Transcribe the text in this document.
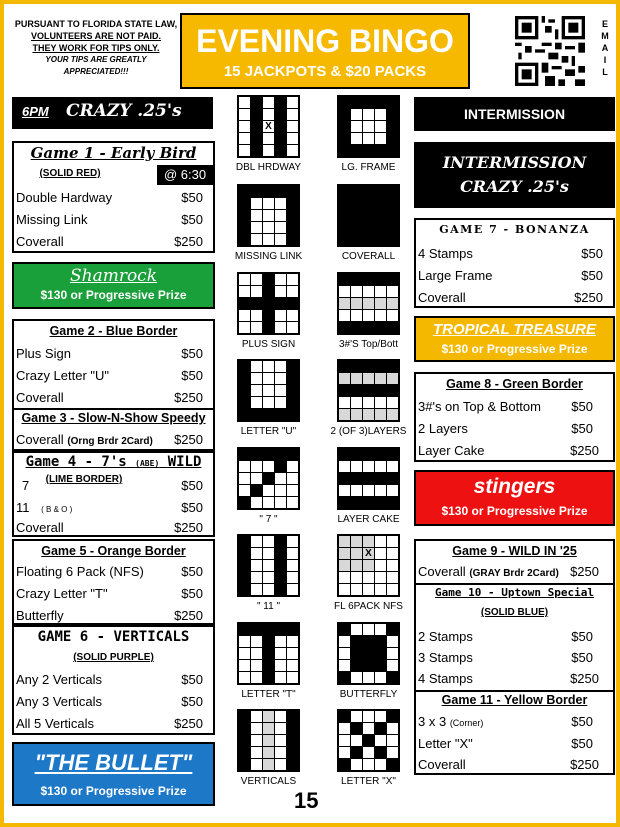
PURSUANT TO FLORIDA STATE LAW,
VOLUNTEERS ARE NOT PAID.
THEY WORK FOR TIPS ONLY.
YOUR TIPS ARE GREATLY
APPRECIATED!!!
EVENING BINGO
15 JACKPOTS & $20 PACKS
E
M
A
I
L
6PM CRAZY .25's
Game 1 - Early Bird
(SOLID RED)	@ 6:30
Double Hardway	$50
Missing Link	$50
Coverall	$250
Shamrock
$130 or Progressive Prize
Game 2 - Blue Border
Plus Sign	$50
Crazy Letter "U"	$50
Coverall	$250
Game 3 - Slow-N-Show Speedy
Coverall (Orng Brdr 2Card) $250
Game 4 - 7's (ABE) WILD
(LIME BORDER)
7	$50
11 ( B & O )	$50
Coverall	$250
Game 5 - Orange Border
Floating 6 Pack (NFS)	$50
Crazy Letter "T"	$50
Butterfly	$250
GAME 6 - VERTICALS
(SOLID PURPLE)
Any 2 Verticals	$50
Any 3 Verticals	$50
All 5 Verticals	$250
"THE BULLET"
$130 or Progressive Prize
X
DBL HRDWAY	LG. FRAME
MISSING LINK	COVERALL
PLUS SIGN	3#'S Top/Bott
LETTER "U"	2 (OF 3)LAYERS
" 7 "	LAYER CAKE
" 11 "
X
FL 6PACK NFS
LETTER "T"	BUTTERFLY
VERTICALS	LETTER "X"
15
INTERMISSION
INTERMISSION
CRAZY .25's
GAME 7 - BONANZA
4 Stamps	$50
Large Frame	$50
Coverall	$250
TROPICAL TREASURE
$130 or Progressive Prize
Game 8 - Green Border
3#'s on Top & Bottom $50
2 Layers	$50
Layer Cake	$250
stingers
$130 or Progressive Prize
Game 9 - WILD IN '25
Coverall (GRAY Brdr 2Card) $250
Game 10 - Uptown Special
(SOLID BLUE)
2 Stamps	$50
3 Stamps	$50
4 Stamps	$250
Game 11 - Yellow Border
3 x 3 (Corner)	$50
Letter "X"	$50
Coverall	$250
